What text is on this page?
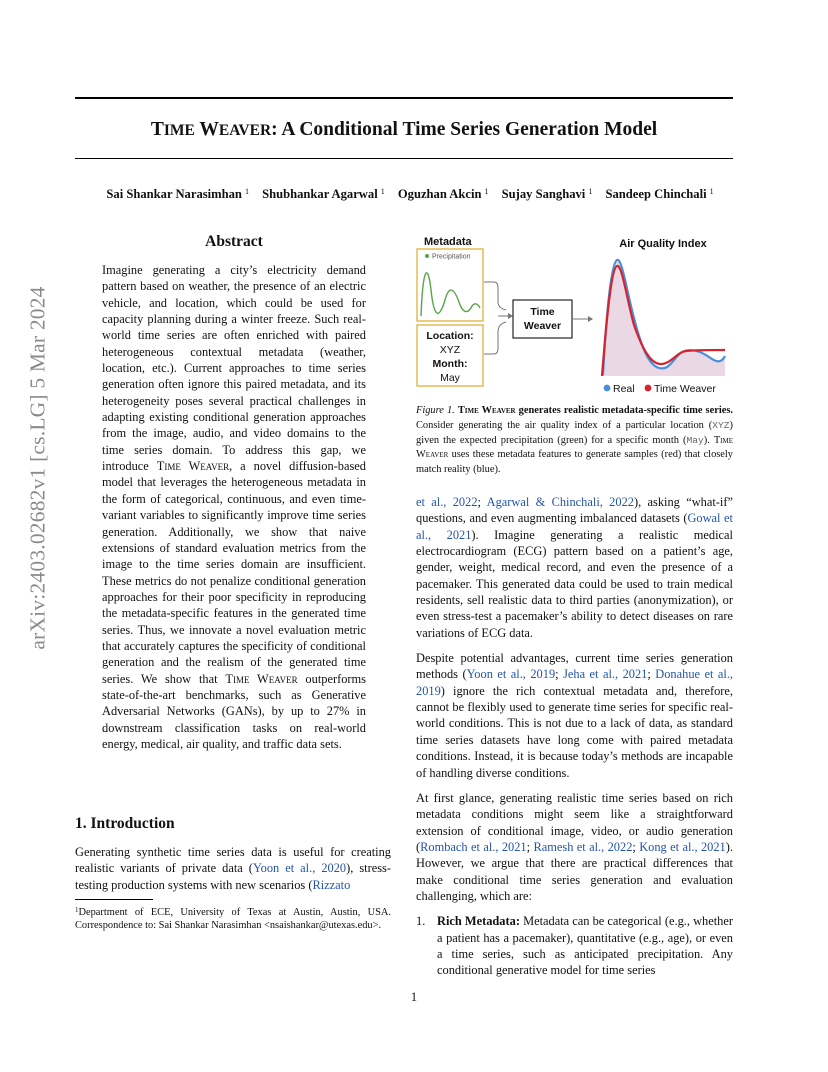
TIME WEAVER: A Conditional Time Series Generation Model
Sai Shankar Narasimhan $^1$ Shubhankar Agarwal $^1$ Oguzhan Akcin $^1$ Sujay Sanghavi $^1$ Sandeep Chinchali $^1$
arXiv:2403.02682v1 [cs.LG] 5 Mar 2024
Abstract

Imagine generating a city’s electricity demand pattern based on weather, the presence of an electric vehicle, and location, which could be used for capacity planning during a winter freeze. Such real-world time series are often enriched with paired heterogeneous contextual metadata (weather, location, etc.). Current approaches to time series generation often ignore this paired metadata, and its heterogeneity poses several practical challenges in adapting existing conditional generation approaches from the image, audio, and video domains to the time series domain. To address this gap, we introduce Time Weaver, a novel diffusion-based model that leverages the heterogeneous metadata in the form of categorical, continuous, and even time-variant variables to significantly improve time series generation. Additionally, we show that naive extensions of standard evaluation metrics from the image to the time series domain are insufficient. These metrics do not penalize conditional generation approaches for their poor specificity in reproducing the metadata-specific features in the generated time series. Thus, we innovate a novel evaluation metric that accurately captures the specificity of conditional generation and the realism of the generated time series. We show that Time Weaver outperforms state-of-the-art benchmarks, such as Generative Adversarial Networks (GANs), by up to 27% in downstream classification tasks on real-world energy, medical, air quality, and traffic data sets.

1. Introduction

Generating synthetic time series data is useful for creating realistic variants of private data (Yoon et al., 2020), stress-testing production systems with new scenarios (Rizzato

$^1$Department of ECE, University of Texas at Austin, Austin, USA. Correspondence to: Sai Shankar Narasimhan <nsaishankar@utexas.edu>.

Metadata
Precipitation
Location:
XYZ
Month:
May
Time
Weaver
Air Quality Index
Real Time Weaver

Figure 1. Time Weaver generates realistic metadata-specific time series. Consider generating the air quality index of a particular location (XYZ) given the expected precipitation (green) for a specific month (May). Time Weaver uses these metadata features to generate samples (red) that closely match reality (blue).

et al., 2022; Agarwal & Chinchali, 2022), asking “what-if” questions, and even augmenting imbalanced datasets (Gowal et al., 2021). Imagine generating a realistic medical electrocardiogram (ECG) pattern based on a patient’s age, gender, weight, medical record, and even the presence of a pacemaker. This generated data could be used to train medical residents, sell realistic data to third parties (anonymization), or even stress-test a pacemaker’s ability to detect diseases on rare variations of ECG data.

Despite potential advantages, current time series generation methods (Yoon et al., 2019; Jeha et al., 2021; Donahue et al., 2019) ignore the rich contextual metadata and, therefore, cannot be flexibly used to generate time series for specific real-world conditions. This is not due to a lack of data, as standard time series datasets have long come with paired metadata conditions. Instead, it is because today’s methods are incapable of handling diverse conditions.

At first glance, generating realistic time series based on rich metadata conditions might seem like a straightforward extension of conditional image, video, or audio generation (Rombach et al., 2021; Ramesh et al., 2022; Kong et al., 2021). However, we argue that there are practical differences that make conditional time series generation and evaluation challenging, which are:

1. Rich Metadata: Metadata can be categorical (e.g., whether a patient has a pacemaker), quantitative (e.g., age), or even a time series, such as anticipated precipitation. Any conditional generative model for time series
1
